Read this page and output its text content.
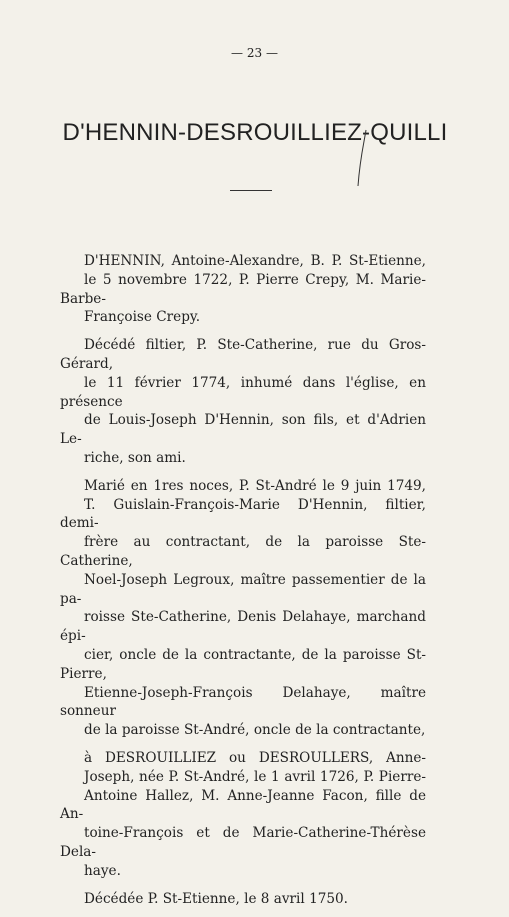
— 23 —
D'HENNIN-DESROUILLIEZ-QUILLI

D'HENNIN, Antoine-Alexandre, B. P. St-Etienne,
le 5 novembre 1722, P. Pierre Crepy, M. Marie-Barbe-
Françoise Crepy.

Décédé filtier, P. Ste-Catherine, rue du Gros-Gérard,
le 11 février 1774, inhumé dans l'église, en présence
de Louis-Joseph D'Hennin, son fils, et d'Adrien Le-
riche, son ami.

Marié en 1res noces, P. St-André le 9 juin 1749,
T. Guislain-François-Marie D'Hennin, filtier, demi-
frère au contractant, de la paroisse Ste-Catherine,
Noel-Joseph Legroux, maître passementier de la pa-
roisse Ste-Catherine, Denis Delahaye, marchand épi-
cier, oncle de la contractante, de la paroisse St-Pierre,
Etienne-Joseph-François Delahaye, maître sonneur
de la paroisse St-André, oncle de la contractante,

à DESROUILLIEZ ou DESROULLERS, Anne-
Joseph, née P. St-André, le 1 avril 1726, P. Pierre-
Antoine Hallez, M. Anne-Jeanne Facon, fille de An-
toine-François et de Marie-Catherine-Thérèse Dela-
haye.

Décédée P. St-Etienne, le 8 avril 1750.
